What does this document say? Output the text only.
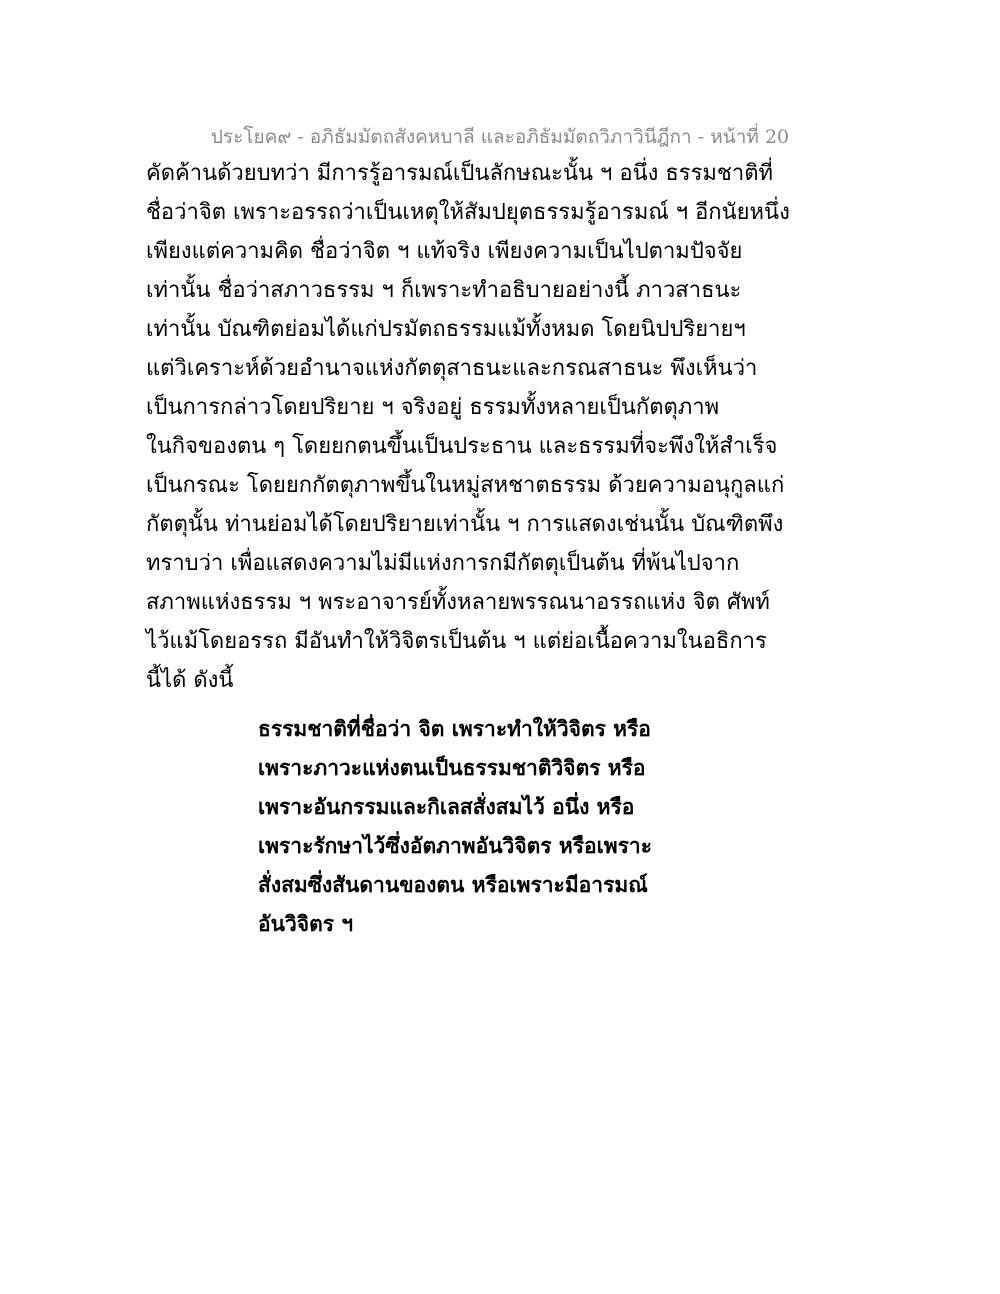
ประโยค๙ - อภิธัมมัตถสังคหบาลี และอภิธัมมัตถวิภาวินีฎีกา - หน้าที่ 20
คัดค้านด้วยบทว่า มีการรู้อารมณ์เป็นลักษณะนั้น ฯ อนึ่ง ธรรมชาติที่
ชื่อว่าจิต เพราะอรรถว่าเป็นเหตุให้สัมปยุตธรรมรู้อารมณ์ ฯ อีกนัยหนึ่ง
เพียงแต่ความคิด ชื่อว่าจิต ฯ แท้จริง เพียงความเป็นไปตามปัจจัย
เท่านั้น ชื่อว่าสภาวธรรม ฯ ก็เพราะทำอธิบายอย่างนี้ ภาวสาธนะ
เท่านั้น บัณฑิตย่อมได้แก่ปรมัตถธรรมแม้ทั้งหมด โดยนิปปริยายฯ
แต่วิเคราะห์ด้วยอำนาจแห่งกัตตุสาธนะและกรณสาธนะ พึงเห็นว่า
เป็นการกล่าวโดยปริยาย ฯ จริงอยู่ ธรรมทั้งหลายเป็นกัตตุภาพ
ในกิจของตน ๆ โดยยกตนขึ้นเป็นประธาน และธรรมที่จะพึงให้สำเร็จ
เป็นกรณะ โดยยกกัตตุภาพขึ้นในหมู่สหชาตธรรม ด้วยความอนุกูลแก่
กัตตุนั้น ท่านย่อมได้โดยปริยายเท่านั้น ฯ การแสดงเช่นนั้น บัณฑิตพึง
ทราบว่า เพื่อแสดงความไม่มีแห่งการกมีกัตตุเป็นต้น ที่พ้นไปจาก
สภาพแห่งธรรม ฯ พระอาจารย์ทั้งหลายพรรณนาอรรถแห่ง จิต ศัพท์
ไว้แม้โดยอรรถ มีอันทำให้วิจิตรเป็นต้น ฯ แต่ย่อเนื้อความในอธิการ
นี้ได้ ดังนี้
ธรรมชาติที่ชื่อว่า จิต เพราะทำให้วิจิตร หรือ
เพราะภาวะแห่งตนเป็นธรรมชาติวิจิตร หรือ
เพราะอันกรรมและกิเลสสั่งสมไว้ อนึ่ง หรือ
เพราะรักษาไว้ซึ่งอัตภาพอันวิจิตร หรือเพราะ
สั่งสมซึ่งสันดานของตน หรือเพราะมีอารมณ์
อันวิจิตร ฯ
